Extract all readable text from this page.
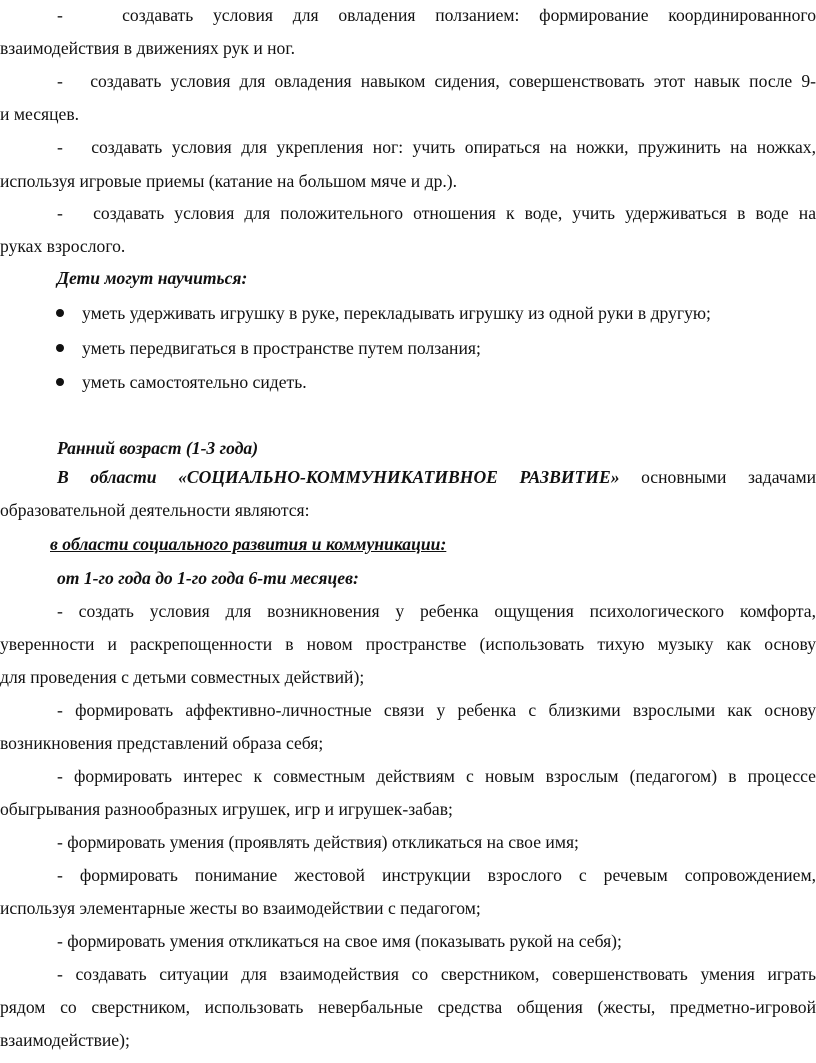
-	создавать условия для овладения ползанием: формирование координированного
взаимодействия в движениях рук и ног.
- создавать условия для овладения навыком сидения, совершенствовать этот навык после 9-
и месяцев.
- создавать условия для укрепления ног: учить опираться на ножки, пружинить на ножках,
используя игровые приемы (катание на большом мяче и др.).
- создавать условия для положительного отношения к воде, учить удерживаться в воде на
руках взрослого.
Дети могут научиться:
уметь удерживать игрушку в руке, перекладывать игрушку из одной руки в другую;
уметь передвигаться в пространстве путем ползания;
уметь самостоятельно сидеть.
Ранний возраст (1-3 года)
В области «СОЦИАЛЬНО-КОММУНИКАТИВНОЕ РАЗВИТИЕ» основными задачами
образовательной деятельности являются:
в области социального развития и коммуникации:
от 1-го года до 1-го года 6-ти месяцев:
- создать условия для возникновения у ребенка ощущения психологического комфорта,
уверенности и раскрепощенности в новом пространстве (использовать тихую музыку как основу
для проведения с детьми совместных действий);
- формировать аффективно-личностные связи у ребенка с близкими взрослыми как основу
возникновения представлений образа себя;
- формировать интерес к совместным действиям с новым взрослым (педагогом) в процессе
обыгрывания разнообразных игрушек, игр и игрушек-забав;
- формировать умения (проявлять действия) откликаться на свое имя;
- формировать понимание жестовой инструкции взрослого с речевым сопровождением,
используя элементарные жесты во взаимодействии с педагогом;
- формировать умения откликаться на свое имя (показывать рукой на себя);
- создавать ситуации для взаимодействия со сверстником, совершенствовать умения играть
рядом со сверстником, использовать невербальные средства общения (жесты, предметно-игровой
взаимодействие);
